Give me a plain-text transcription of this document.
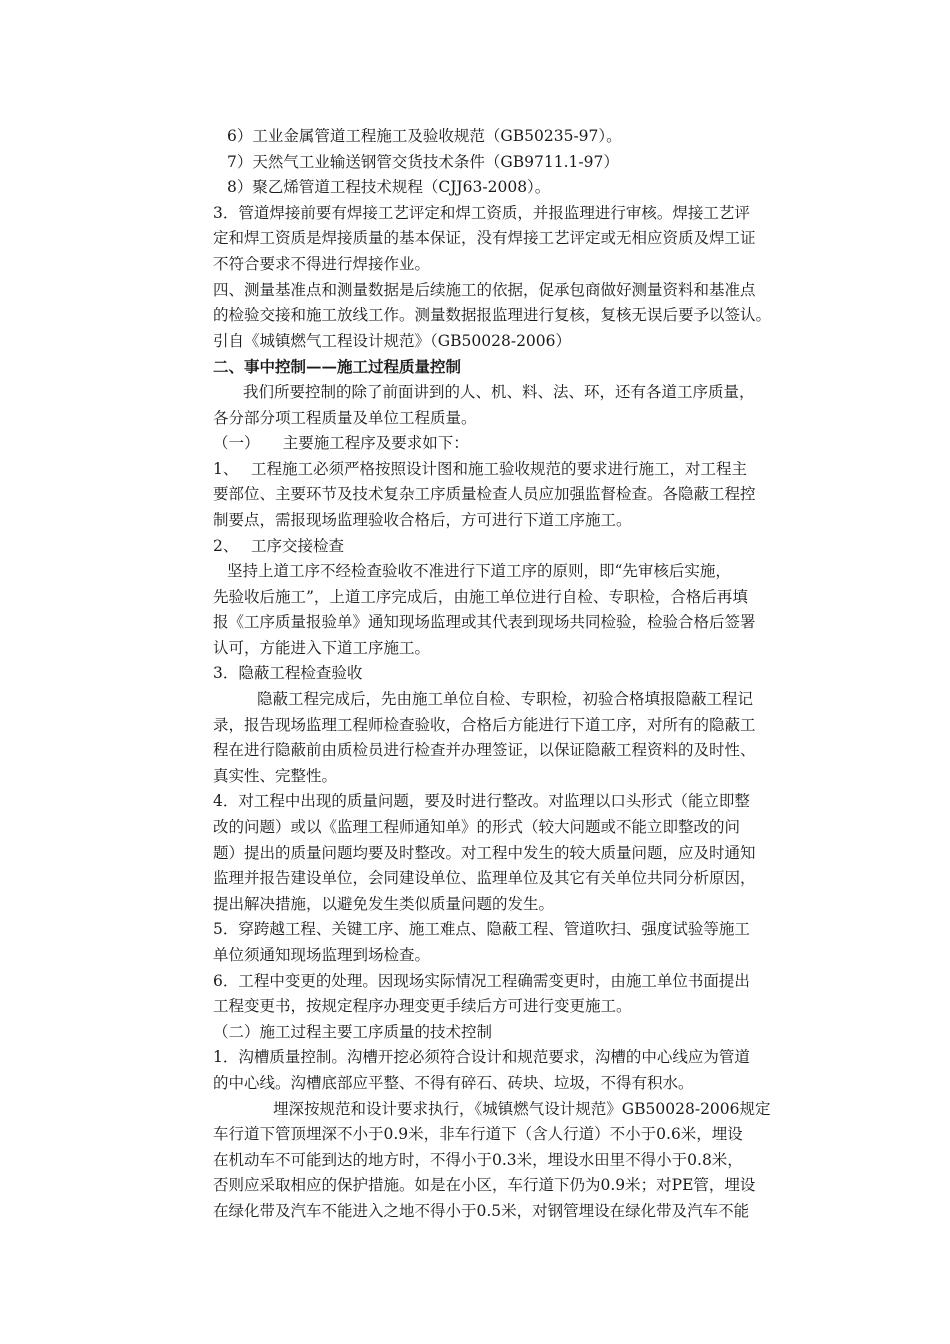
6）工业金属管道工程施工及验收规范（GB50235-97）。
7）天然气工业输送钢管交货技术条件（GB9711.1-97）
8）聚乙烯管道工程技术规程（CJJ63-2008）。
3．管道焊接前要有焊接工艺评定和焊工资质，并报监理进行审核。焊接工艺评
定和焊工资质是焊接质量的基本保证，没有焊接工艺评定或无相应资质及焊工证
不符合要求不得进行焊接作业。
四、测量基准点和测量数据是后续施工的依据，促承包商做好测量资料和基准点
的检验交接和施工放线工作。测量数据报监理进行复核，复核无误后要予以签认。
引自《城镇燃气工程设计规范》（GB50028-2006）
二、事中控制——施工过程质量控制
我们所要控制的除了前面讲到的人、机、料、法、环，还有各道工序质量，
各分部分项工程质量及单位工程质量。
（一）　　主要施工程序及要求如下：
1、　 工程施工必须严格按照设计图和施工验收规范的要求进行施工，对工程主
要部位、主要环节及技术复杂工序质量检查人员应加强监督检查。各隐蔽工程控
制要点，需报现场监理验收合格后，方可进行下道工序施工。
2、　 工序交接检查
坚持上道工序不经检查验收不准进行下道工序的原则，即“先审核后实施，
先验收后施工”，上道工序完成后，由施工单位进行自检、专职检，合格后再填
报《工序质量报验单》通知现场监理或其代表到现场共同检验，检验合格后签署
认可，方能进入下道工序施工。
3．隐蔽工程检查验收
隐蔽工程完成后，先由施工单位自检、专职检，初验合格填报隐蔽工程记
录，报告现场监理工程师检查验收，合格后方能进行下道工序，对所有的隐蔽工
程在进行隐蔽前由质检员进行检查并办理签证，以保证隐蔽工程资料的及时性、
真实性、完整性。
4．对工程中出现的质量问题，要及时进行整改。对监理以口头形式（能立即整
改的问题）或以《监理工程师通知单》的形式（较大问题或不能立即整改的问
题）提出的质量问题均要及时整改。对工程中发生的较大质量问题，应及时通知
监理并报告建设单位，会同建设单位、监理单位及其它有关单位共同分析原因，
提出解决措施，以避免发生类似质量问题的发生。
5．穿跨越工程、关键工序、施工难点、隐蔽工程、管道吹扫、强度试验等施工
单位须通知现场监理到场检查。
6．工程中变更的处理。因现场实际情况工程确需变更时，由施工单位书面提出
工程变更书，按规定程序办理变更手续后方可进行变更施工。
（二）施工过程主要工序质量的技术控制
1．沟槽质量控制。沟槽开挖必须符合设计和规范要求，沟槽的中心线应为管道
的中心线。沟槽底部应平整、不得有碎石、砖块、垃圾，不得有积水。
埋深按规范和设计要求执行，《城镇燃气设计规范》GB50028-2006规定
车行道下管顶埋深不小于0.9米，非车行道下（含人行道）不小于0.6米，埋设
在机动车不可能到达的地方时，不得小于0.3米，埋设水田里不得小于0.8米，
否则应采取相应的保护措施。如是在小区，车行道下仍为0.9米；对PE管，埋设
在绿化带及汽车不能进入之地不得小于0.5米，对钢管埋设在绿化带及汽车不能
